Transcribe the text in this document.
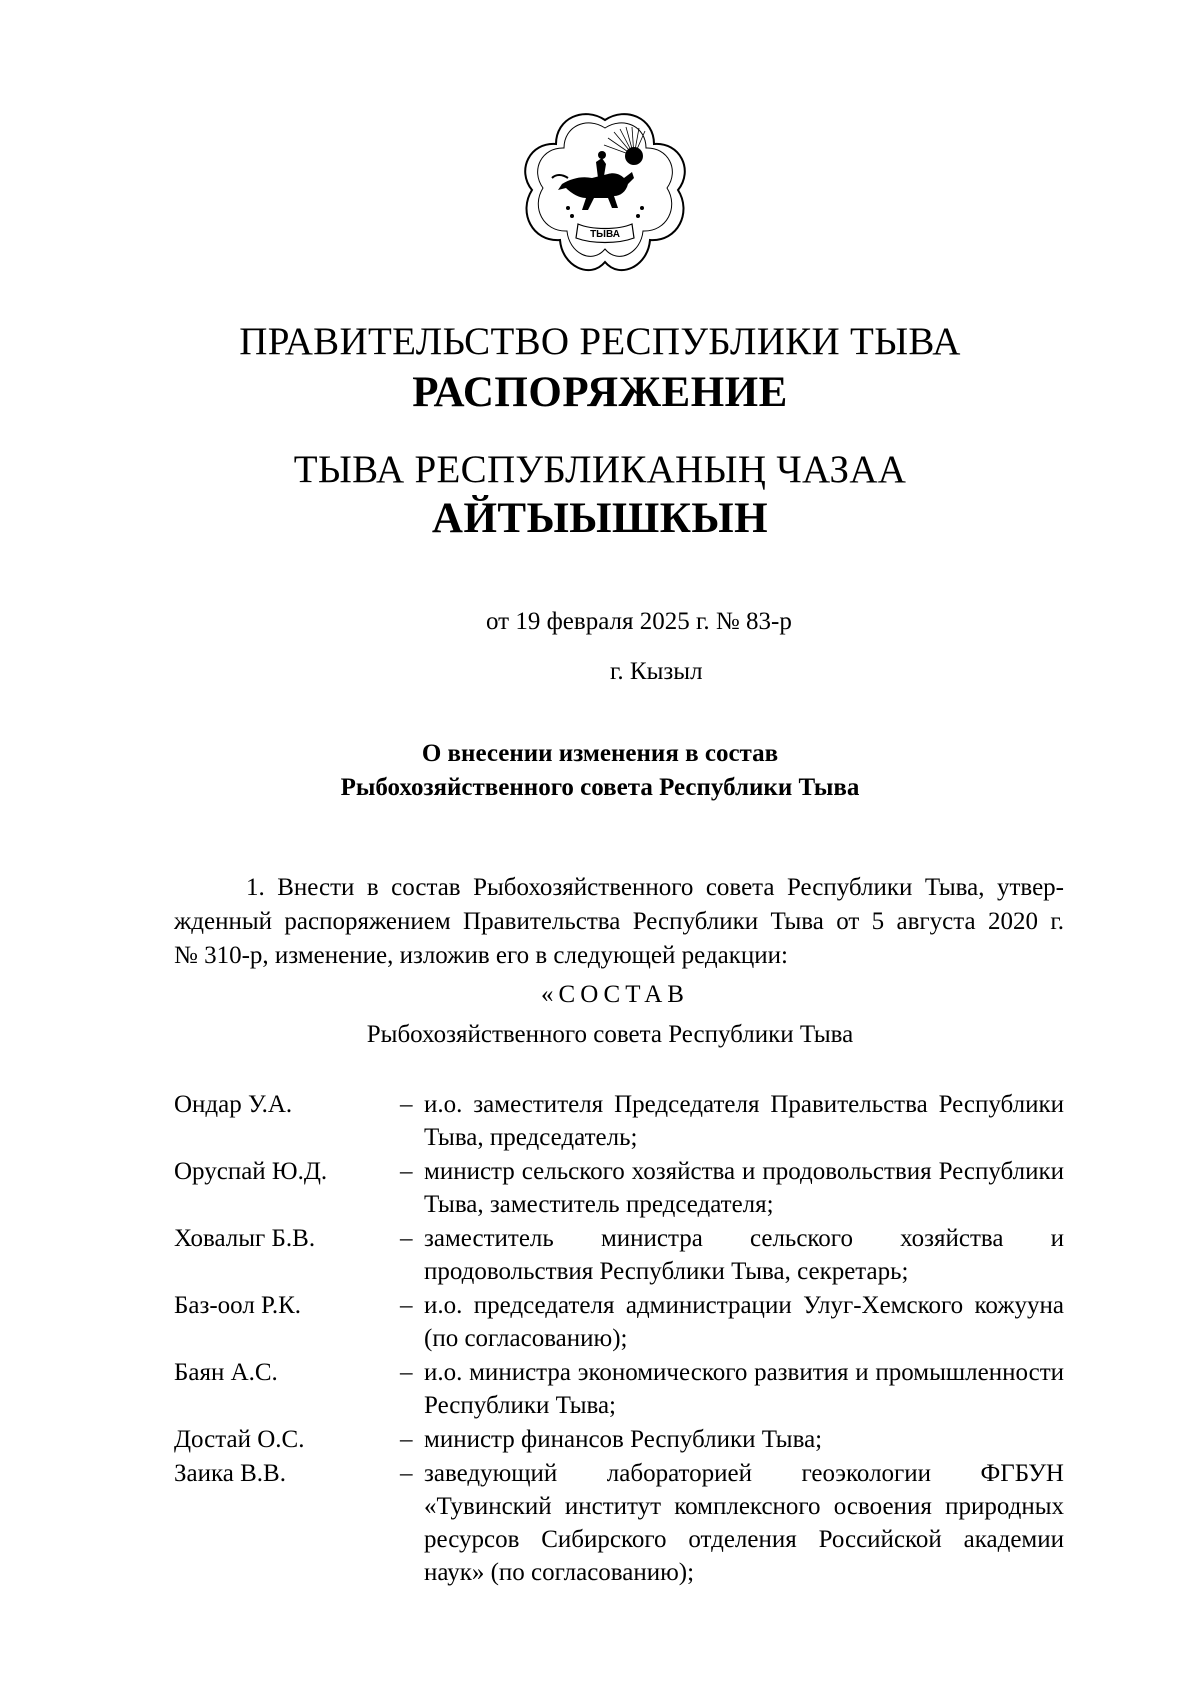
ТЫВА
ПРАВИТЕЛЬСТВО РЕСПУБЛИКИ ТЫВА
РАСПОРЯЖЕНИЕ
ТЫВА РЕСПУБЛИКАНЫҢ ЧАЗАА
АЙТЫЫШКЫН
от 19 февраля 2025 г. № 83-р
г. Кызыл
О внесении изменения в состав
Рыбохозяйственного совета Республики Тыва
1. Внести в состав Рыбохозяйственного совета Республики Тыва, утвер-
жденный распоряжением Правительства Республики Тыва от 5 августа 2020 г.
№ 310-р, изменение, изложив его в следующей редакции:
«СОСТАВ
Рыбохозяйственного совета Республики Тыва
Ондар У.А.	– и.о. заместителя Председателя Правительства Республики Тыва, председатель;
Оруспай Ю.Д.	– министр сельского хозяйства и продовольствия Республики Тыва, заместитель председателя;
Ховалыг Б.В.	– заместитель министра сельского хозяйства и продовольствия Республики Тыва, секретарь;
Баз-оол Р.К.	– и.о. председателя администрации Улуг-Хемского кожууна (по согласованию);
Баян А.С.	– и.о. министра экономического развития и промышленности Республики Тыва;
Достай О.С.	– министр финансов Республики Тыва;
Заика В.В.	– заведующий лабораторией геоэкологии ФГБУН «Тувинский институт комплексного освоения природных ресурсов Сибирского отделения Российской академии наук» (по согласованию);
